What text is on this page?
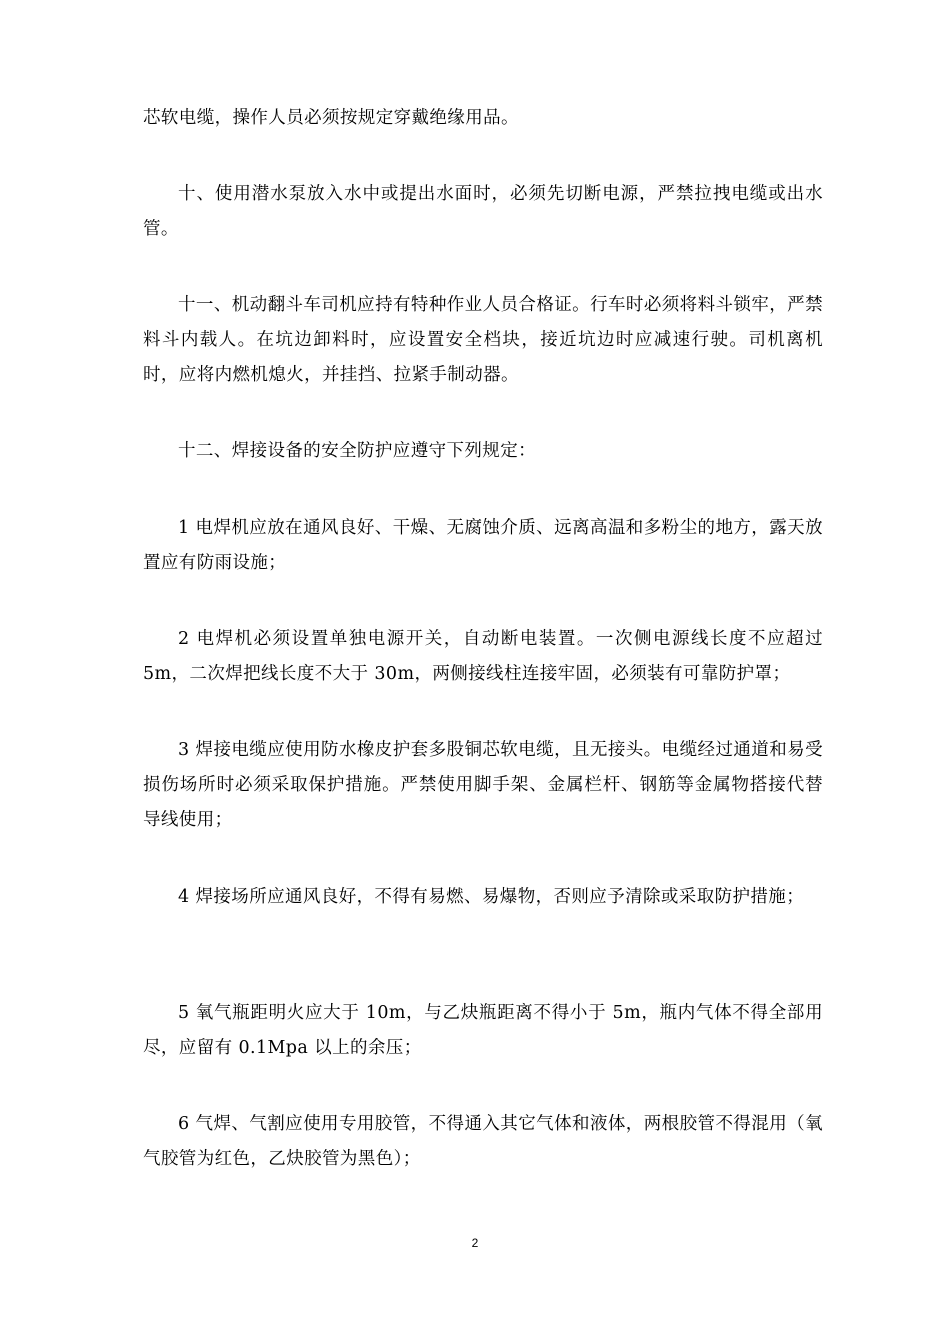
芯软电缆，操作人员必须按规定穿戴绝缘用品。

十、使用潜水泵放入水中或提出水面时，必须先切断电源，严禁拉拽电缆或出水管。

十一、机动翻斗车司机应持有特种作业人员合格证。行车时必须将料斗锁牢，严禁料斗内载人。在坑边卸料时，应设置安全档块，接近坑边时应减速行驶。司机离机时，应将内燃机熄火，并挂挡、拉紧手制动器。

十二、焊接设备的安全防护应遵守下列规定：

1 电焊机应放在通风良好、干燥、无腐蚀介质、远离高温和多粉尘的地方，露天放置应有防雨设施；

2 电焊机必须设置单独电源开关，自动断电装置。一次侧电源线长度不应超过 5m，二次焊把线长度不大于 30m，两侧接线柱连接牢固，必须装有可靠防护罩；

3 焊接电缆应使用防水橡皮护套多股铜芯软电缆，且无接头。电缆经过通道和易受损伤场所时必须采取保护措施。严禁使用脚手架、金属栏杆、钢筋等金属物搭接代替导线使用；

4 焊接场所应通风良好，不得有易燃、易爆物，否则应予清除或采取防护措施；

5 氧气瓶距明火应大于 10m，与乙炔瓶距离不得小于 5m，瓶内气体不得全部用尽，应留有 0.1Mpa 以上的余压；

6 气焊、气割应使用专用胶管，不得通入其它气体和液体，两根胶管不得混用（氧气胶管为红色，乙炔胶管为黑色）；

2
